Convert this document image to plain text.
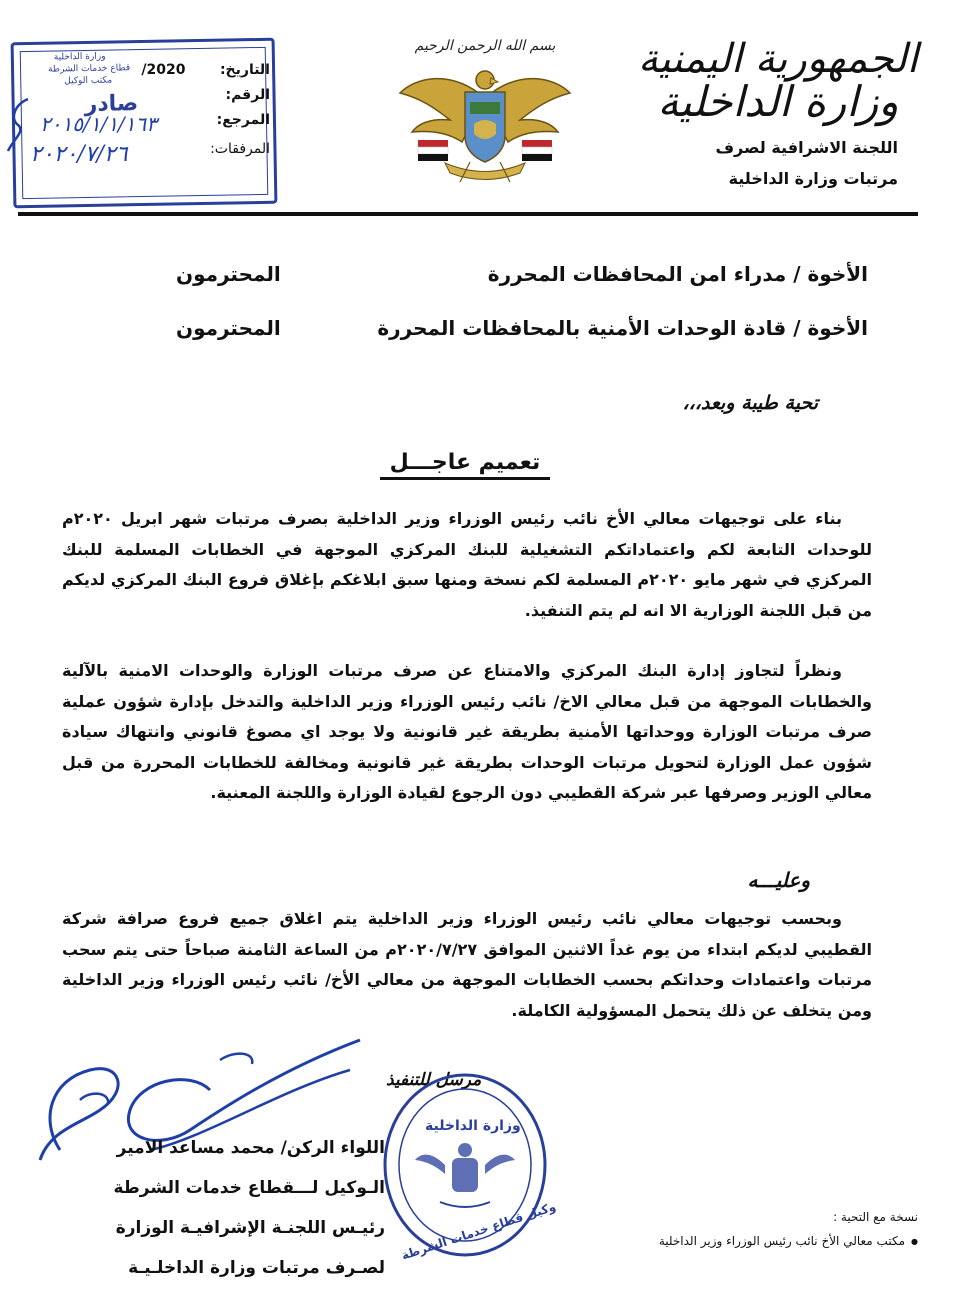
الجمهورية اليمنية

وزارة الداخلية

اللجنة الاشرافية لصرف
مرتبات وزارة الداخلية
بسم الله الرحمن الرحيم
وزارة الداخلية
قطاع خدمات الشرطة
مكتب الوكيل
صادر
التاريخ: 2020/
الرقم:
المرجع:
المرفقات:
٢٠١٥/١/١/١٦٣
٢٠٢٠/٧/٢٦
الأخوة / مدراء امن المحافظات المحررة
المحترمون
الأخوة / قادة الوحدات الأمنية بالمحافظات المحررة
المحترمون
تحية طيبة وبعد،،،
تعميم عاجـــل

بناء على توجيهات معالي الأخ نائب رئيس الوزراء وزير الداخلية بصرف مرتبات شهر ابريل ٢٠٢٠م للوحدات التابعة لكم واعتماداتكم التشغيلية للبنك المركزي الموجهة في الخطابات المسلمة للبنك المركزي في شهر مايو ٢٠٢٠م المسلمة لكم نسخة ومنها سبق ابلاغكم بإغلاق فروع البنك المركزي لديكم من قبل اللجنة الوزارية الا انه لم يتم التنفيذ.

ونظراً لتجاوز إدارة البنك المركزي والامتناع عن صرف مرتبات الوزارة والوحدات الامنية بالآلية والخطابات الموجهة من قبل معالي الاخ/ نائب رئيس الوزراء وزير الداخلية والتدخل بإدارة شؤون عملية صرف مرتبات الوزارة ووحداتها الأمنية بطريقة غير قانونية ولا يوجد اي مصوغ قانوني وانتهاك سيادة شؤون عمل الوزارة لتحويل مرتبات الوحدات بطريقة غير قانونية ومخالفة للخطابات المحررة من قبل معالي الوزير وصرفها عبر شركة القطيبي دون الرجوع لقيادة الوزارة واللجنة المعنية.

وعليـــه

وبحسب توجيهات معالي نائب رئيس الوزراء وزير الداخلية يتم اغلاق جميع فروع صرافة شركة القطيبي لديكم ابتداء من يوم غداً الاثنين الموافق ٢٠٢٠/٧/٢٧م من الساعة الثامنة صباحاً حتى يتم سحب مرتبات واعتمادات وحداتكم بحسب الخطابات الموجهة من معالي الأخ/ نائب رئيس الوزراء وزير الداخلية ومن يتخلف عن ذلك يتحمل المسؤولية الكاملة.

مرسل للتنفيذ
اللواء الركن/ محمد مساعد الامير
الـوكيل لـــقطاع خدمات الشرطة
رئيـس اللجنـة الإشرافيـة الوزارة
لصـرف مرتبات وزارة الداخلـيـة
وزارة الداخلية
وكيل قطاع خدمات الشرطة	نسخة مع التحية :
● مكتب معالي الأخ نائب رئيس الوزراء وزير الداخلية
